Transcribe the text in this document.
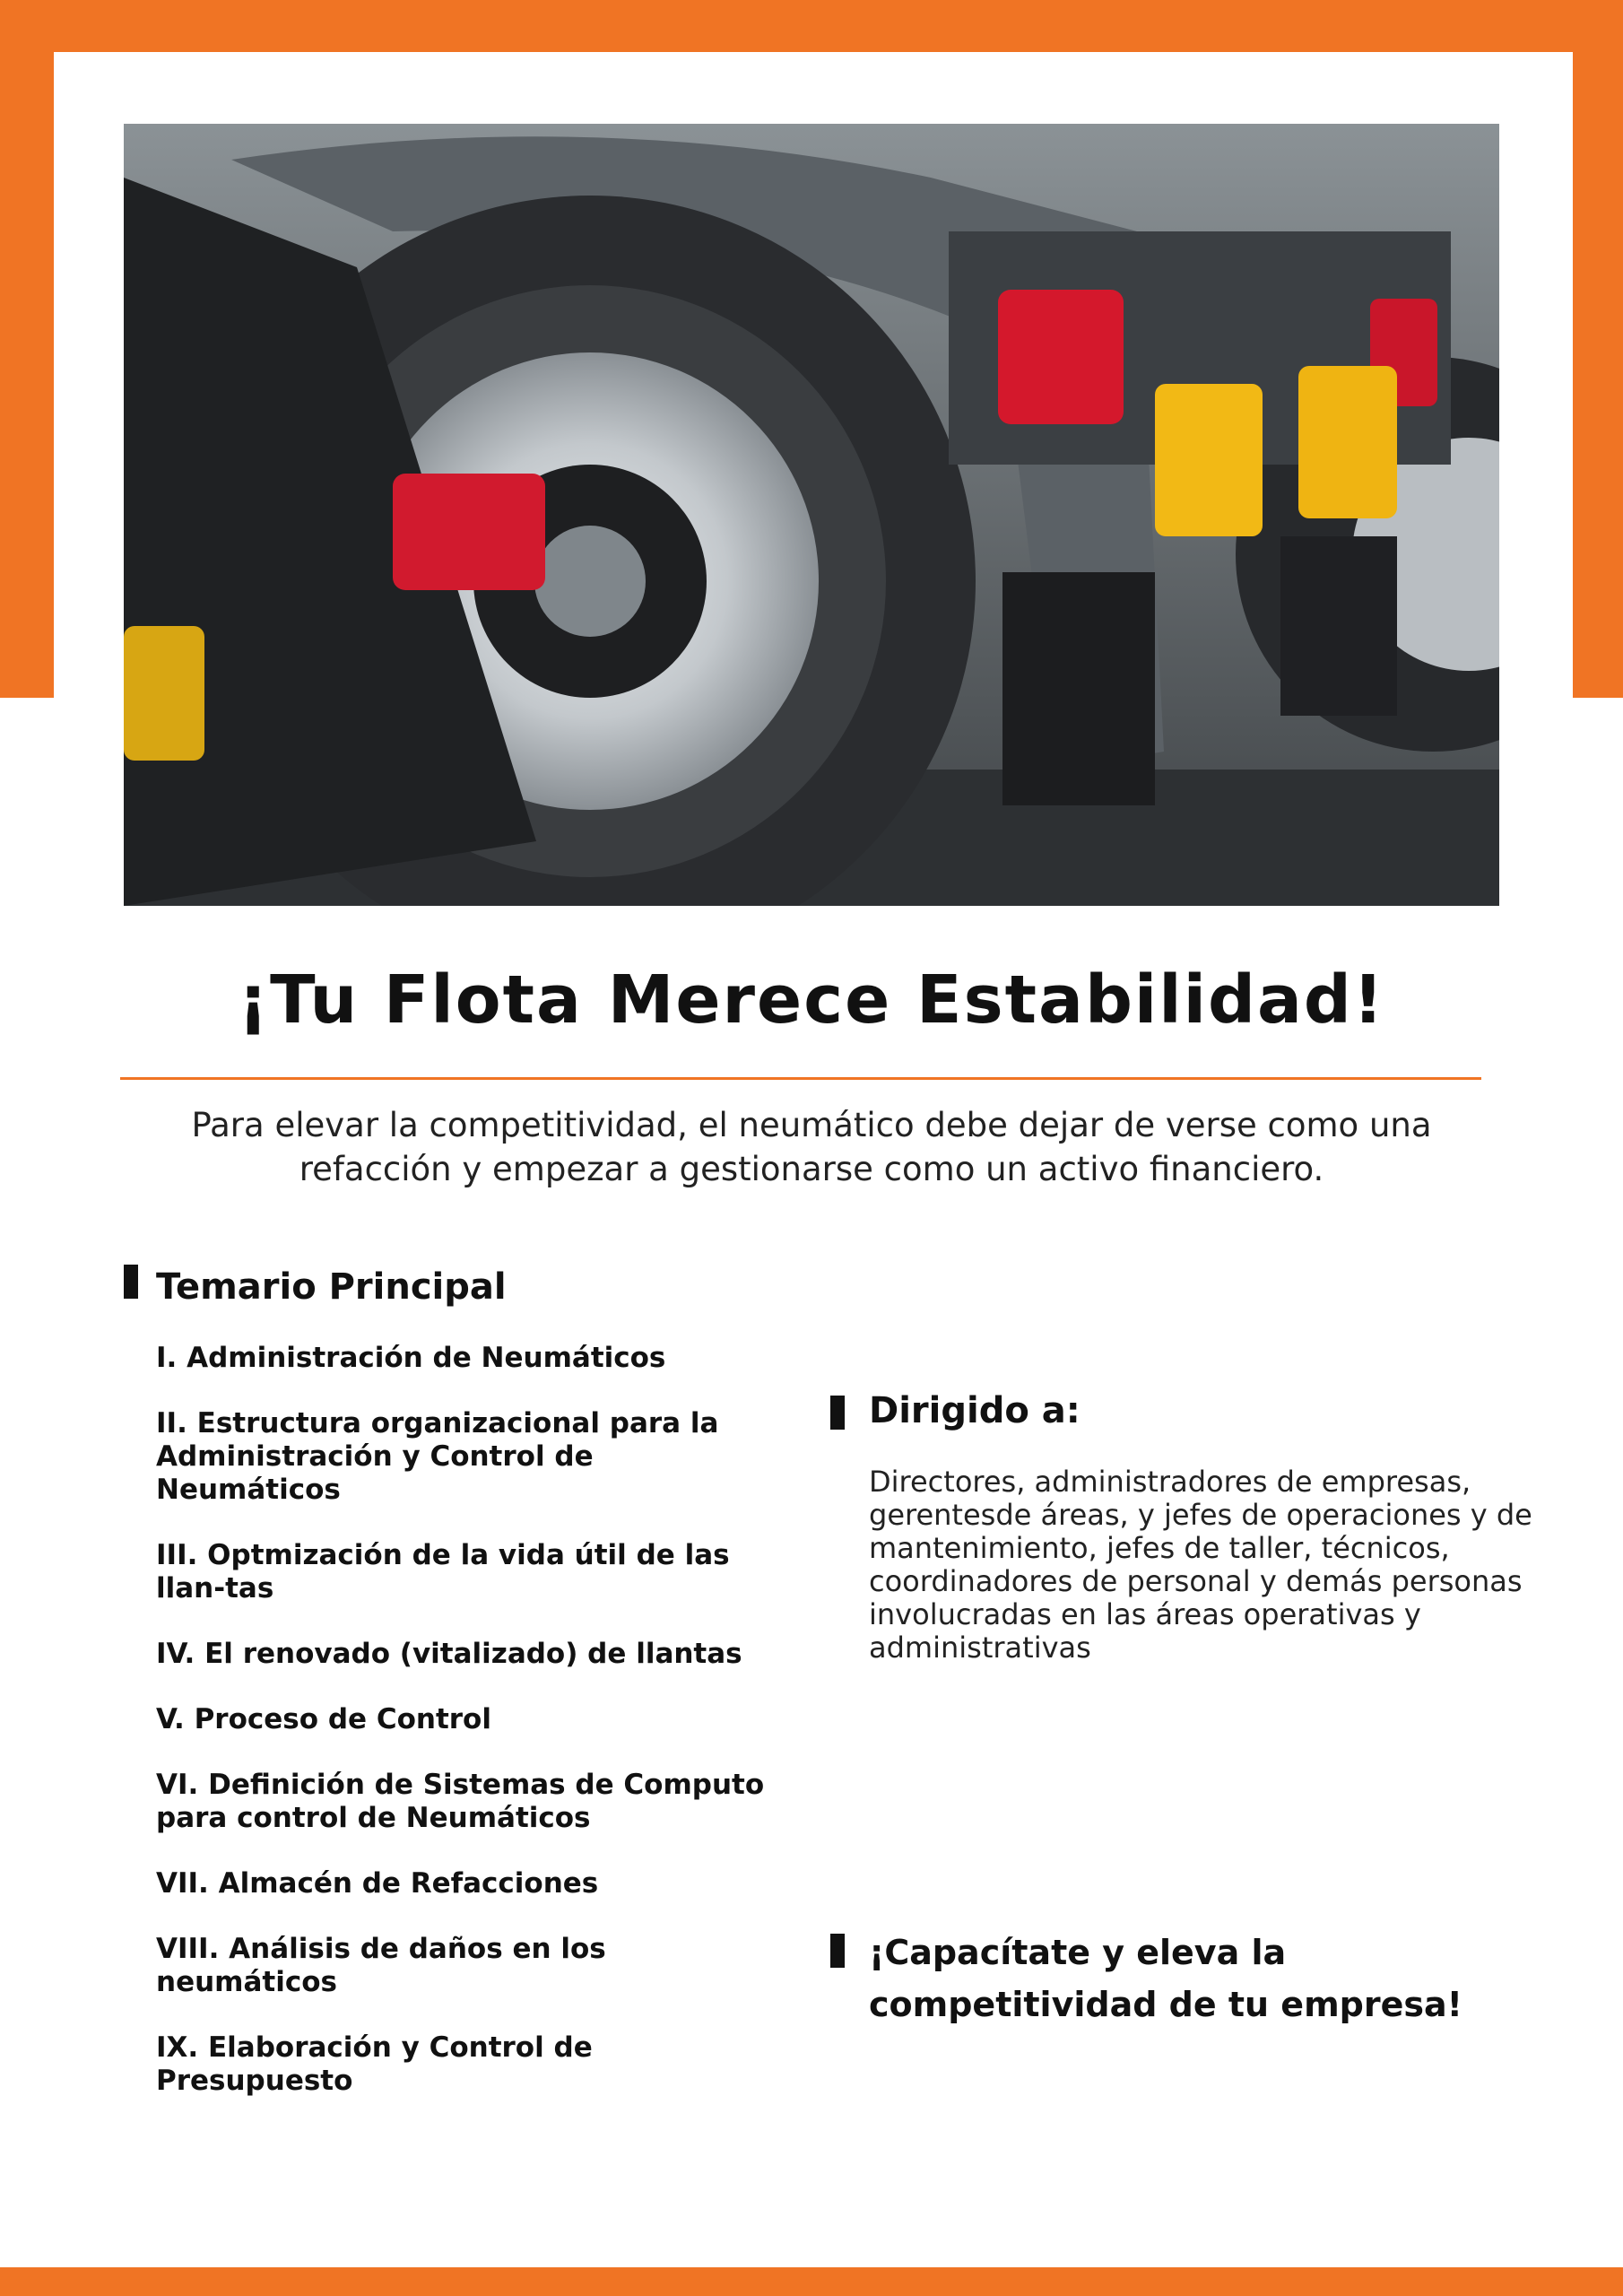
¡Tu Flota Merece Estabilidad!
Para elevar la competitividad, el neumático debe dejar de verse como una refacción y empezar a gestionarse como un activo financiero.
Temario Principal
I. Administración de Neumáticos
II. Estructura organizacional para la Administración y Control de Neumáticos
III. Optmización de la vida útil de las llan-tas
IV. El renovado (vitalizado) de llantas
V. Proceso de Control
VI. Definición de Sistemas de Computo para control de Neumáticos
VII. Almacén de Refacciones
VIII. Análisis de daños en los neumáticos
IX. Elaboración y Control de Presupuesto
Dirigido a:
Directores, administradores de empresas, gerentesde áreas, y jefes de operaciones y de mantenimiento, jefes de taller, técnicos, coordinadores de personal y demás personas involucradas en las áreas operativas y administrativas
¡Capacítate y eleva la competitividad de tu empresa!
